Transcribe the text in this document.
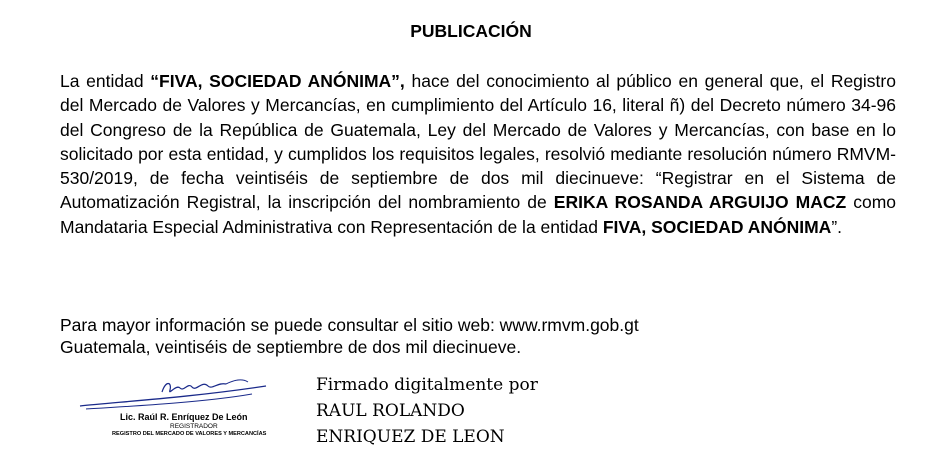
PUBLICACIÓN
La entidad “FIVA, SOCIEDAD ANÓNIMA”, hace del conocimiento al público en general que, el Registro del Mercado de Valores y Mercancías, en cumplimiento del Artículo 16, literal ñ) del Decreto número 34-96 del Congreso de la República de Guatemala, Ley del Mercado de Valores y Mercancías, con base en lo solicitado por esta entidad, y cumplidos los requisitos legales, resolvió mediante resolución número RMVM-530/2019, de fecha veintiséis de septiembre de dos mil diecinueve: “Registrar en el Sistema de Automatización Registral, la inscripción del nombramiento de ERIKA ROSANDA ARGUIJO MACZ como Mandataria Especial Administrativa con Representación de la entidad FIVA, SOCIEDAD ANÓNIMA”.
Para mayor información se puede consultar el sitio web: www.rmvm.gob.gt
Guatemala, veintiséis de septiembre de dos mil diecinueve.
Lic. Raúl R. Enríquez De León
REGISTRADOR
REGISTRO DEL MERCADO DE VALORES Y MERCANCÍAS
Firmado digitalmente por
RAUL ROLANDO
ENRIQUEZ DE LEON
